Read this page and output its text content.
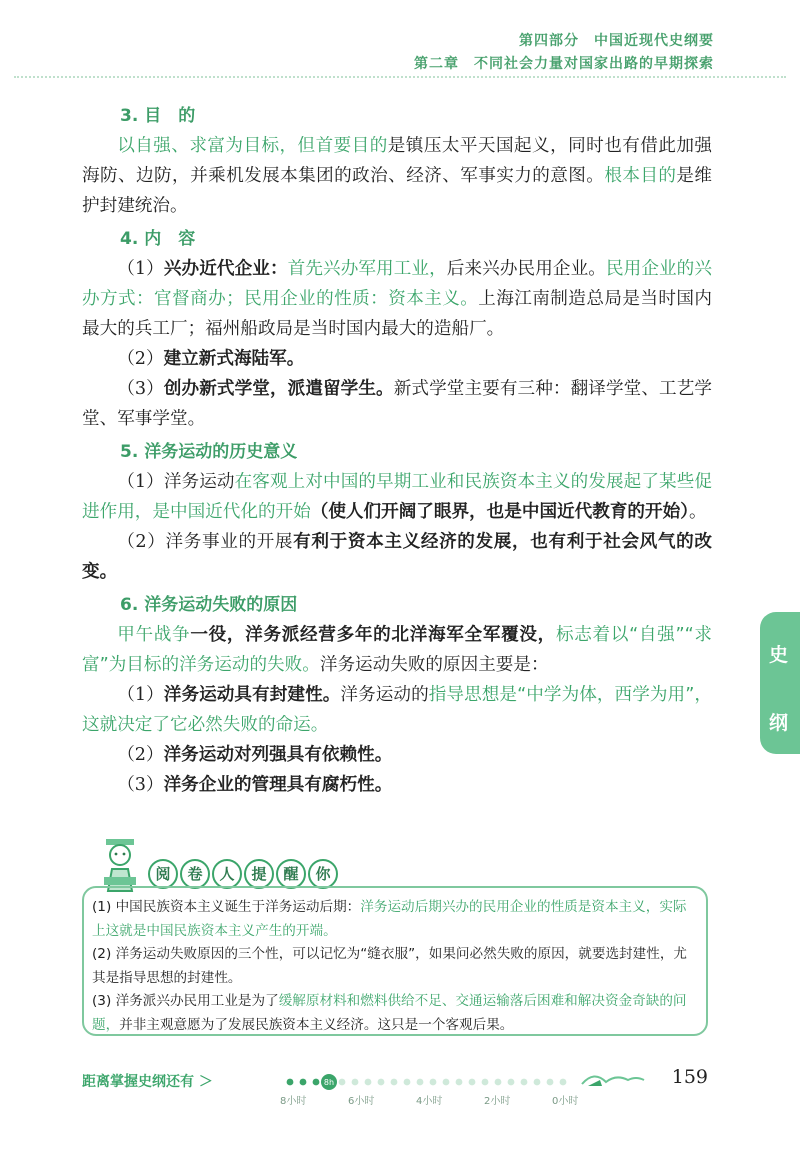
第四部分　中国近现代史纲要
第二章　不同社会力量对国家出路的早期探索
3. 目　的

以自强、求富为目标，但首要目的是镇压太平天国起义，同时也有借此加强海防、边防，并乘机发展本集团的政治、经济、军事实力的意图。根本目的是维护封建统治。

4. 内　容

（1）兴办近代企业：首先兴办军用工业，后来兴办民用企业。民用企业的兴办方式：官督商办；民用企业的性质：资本主义。上海江南制造总局是当时国内最大的兵工厂；福州船政局是当时国内最大的造船厂。

（2）建立新式海陆军。

（3）创办新式学堂，派遣留学生。新式学堂主要有三种：翻译学堂、工艺学堂、军事学堂。

5. 洋务运动的历史意义

（1）洋务运动在客观上对中国的早期工业和民族资本主义的发展起了某些促进作用，是中国近代化的开始（使人们开阔了眼界，也是中国近代教育的开始）。

（2）洋务事业的开展有利于资本主义经济的发展，也有利于社会风气的改变。

6. 洋务运动失败的原因

甲午战争一役，洋务派经营多年的北洋海军全军覆没，标志着以“自强”“求富”为目标的洋务运动的失败。洋务运动失败的原因主要是：

（1）洋务运动具有封建性。洋务运动的指导思想是“中学为体，西学为用”，这就决定了它必然失败的命运。

（2）洋务运动对列强具有依赖性。

（3）洋务企业的管理具有腐朽性。

史
纲
阅 卷 人 提 醒 你

(1) 中国民族资本主义诞生于洋务运动后期：洋务运动后期兴办的民用企业的性质是资本主义，实际上这就是中国民族资本主义产生的开端。

(2) 洋务运动失败原因的三个性，可以记忆为“缝衣服”，如果问必然失败的原因，就要选封建性，尤其是指导思想的封建性。

(3) 洋务派兴办民用工业是为了缓解原材料和燃料供给不足、交通运输落后困难和解决资金奇缺的问题，并非主观意愿为了发展民族资本主义经济。这只是一个客观后果。

距离掌握史纲还有 ＞	8h
8小时	6小时	4小时	2小时	0小时
159
